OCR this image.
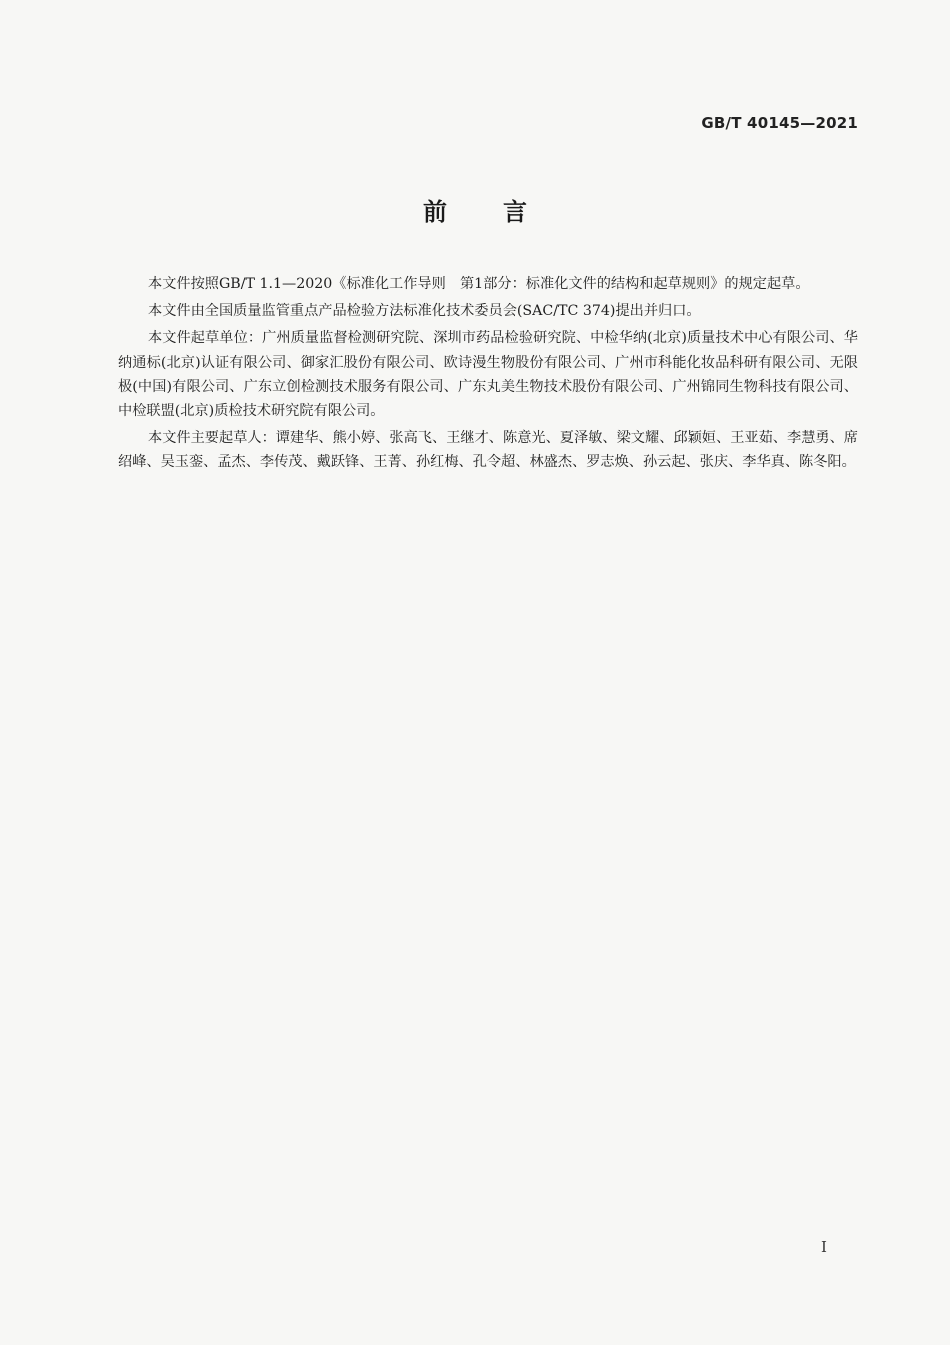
GB/T 40145—2021
前言

本文件按照GB/T 1.1—2020《标准化工作导则　第1部分：标准化文件的结构和起草规则》的规定起草。

本文件由全国质量监管重点产品检验方法标准化技术委员会(SAC/TC 374)提出并归口。

本文件起草单位：广州质量监督检测研究院、深圳市药品检验研究院、中检华纳(北京)质量技术中心有限公司、华纳通标(北京)认证有限公司、御家汇股份有限公司、欧诗漫生物股份有限公司、广州市科能化妆品科研有限公司、无限极(中国)有限公司、广东立创检测技术服务有限公司、广东丸美生物技术股份有限公司、广州锦同生物科技有限公司、中检联盟(北京)质检技术研究院有限公司。

本文件主要起草人：谭建华、熊小婷、张高飞、王继才、陈意光、夏泽敏、梁文耀、邱颖姮、王亚茹、李慧勇、席绍峰、吴玉銮、孟杰、李传茂、戴跃锋、王菁、孙红梅、孔令超、林盛杰、罗志焕、孙云起、张庆、李华真、陈冬阳。

I
